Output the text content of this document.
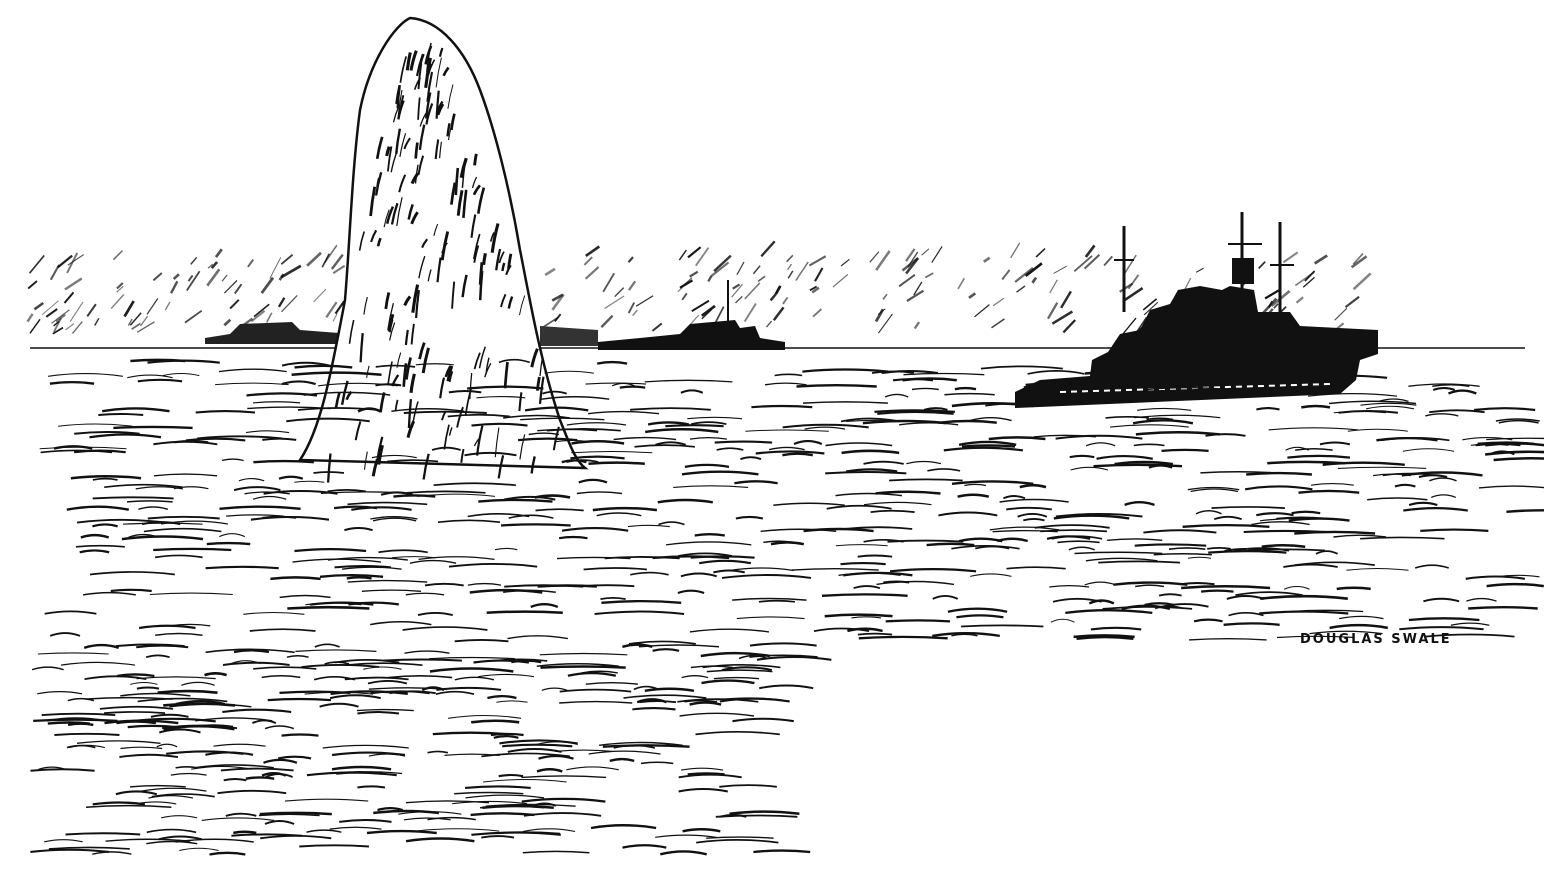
DOUGLAS SWALE
